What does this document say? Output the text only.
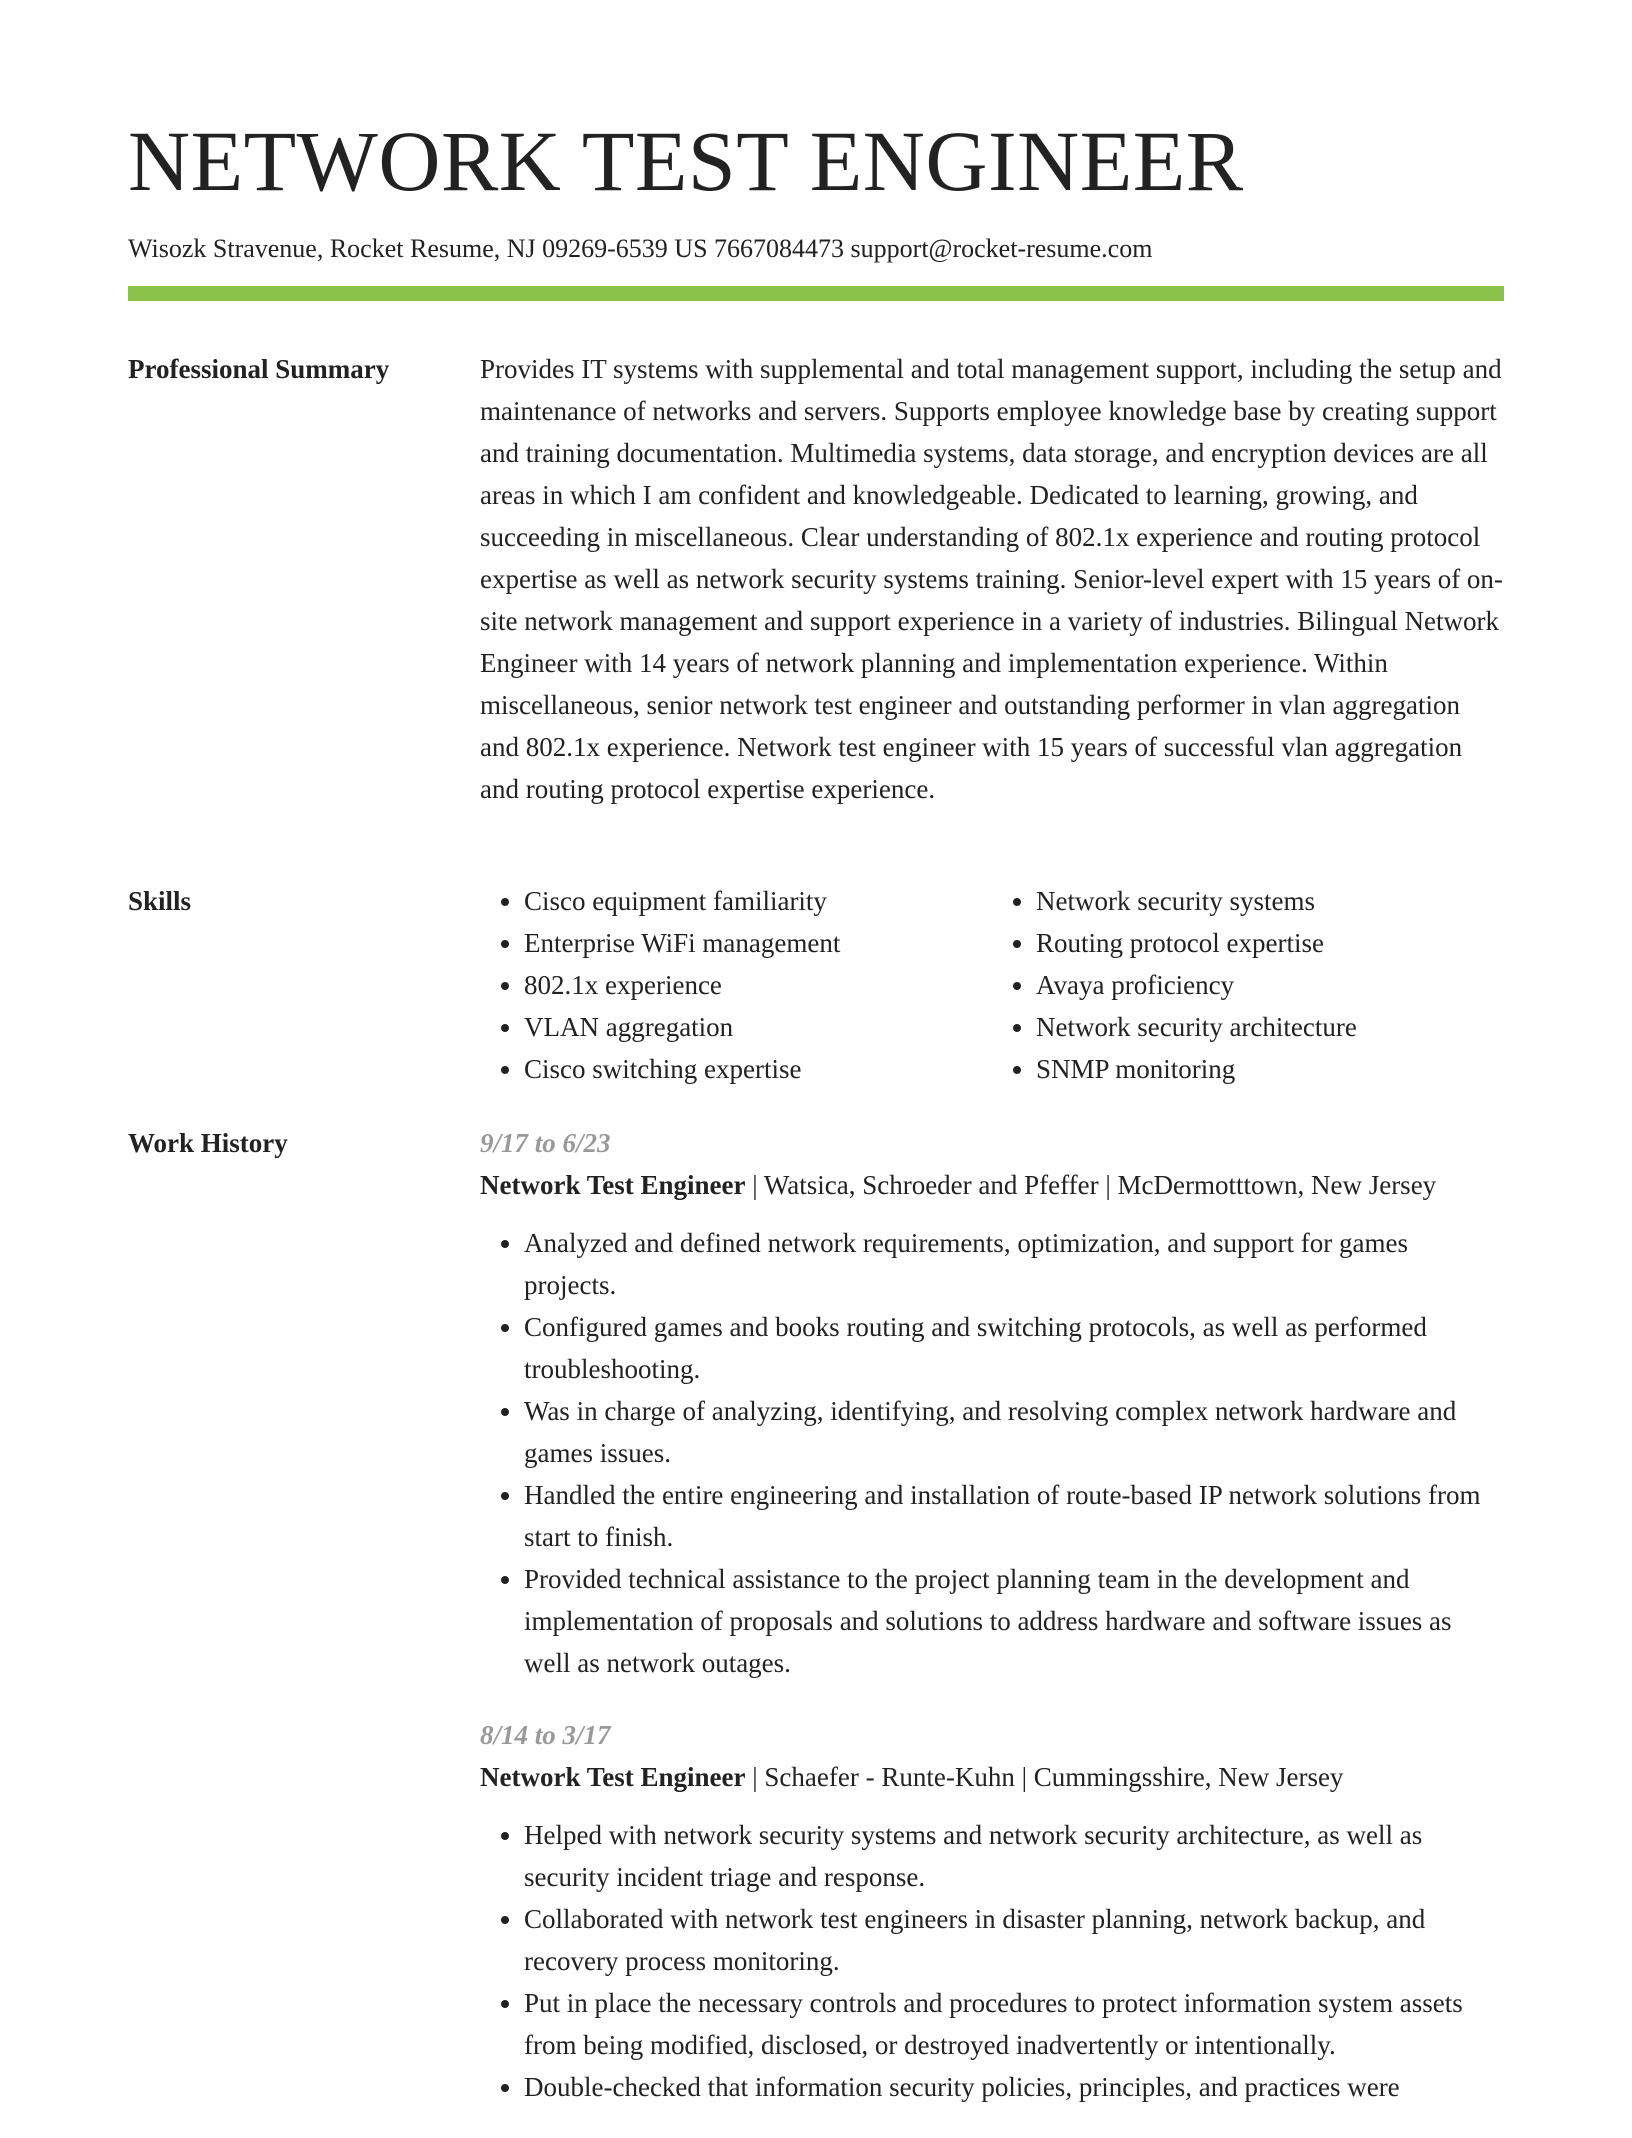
NETWORK TEST ENGINEER
Wisozk Stravenue, Rocket Resume, NJ 09269-6539 US 7667084473 support@rocket-resume.com
Professional Summary	Provides IT systems with supplemental and total management support, including the setup and maintenance of networks and servers. Supports employee knowledge base by creating support and training documentation. Multimedia systems, data storage, and encryption devices are all areas in which I am confident and knowledgeable. Dedicated to learning, growing, and succeeding in miscellaneous. Clear understanding of 802.1x experience and routing protocol expertise as well as network security systems training. Senior-level expert with 15 years of on-site network management and support experience in a variety of industries. Bilingual Network Engineer with 14 years of network planning and implementation experience. Within miscellaneous, senior network test engineer and outstanding performer in vlan aggregation and 802.1x experience. Network test engineer with 15 years of successful vlan aggregation and routing protocol expertise experience.

Skills
•	Cisco equipment familiarity
• Enterprise WiFi management
• 802.1x experience
• VLAN aggregation
• Cisco switching expertise
• Network security systems
• Routing protocol expertise
• Avaya proficiency
• Network security architecture
• SNMP monitoring
Work History	9/17 to 6/23
Network Test Engineer | Watsica, Schroeder and Pfeffer | McDermotttown, New Jersey
• Analyzed and defined network requirements, optimization, and support for games projects.
• Configured games and books routing and switching protocols, as well as performed troubleshooting.
• Was in charge of analyzing, identifying, and resolving complex network hardware and games issues.
• Handled the entire engineering and installation of route-based IP network solutions from start to finish.
• Provided technical assistance to the project planning team in the development and implementation of proposals and solutions to address hardware and software issues as well as network outages.
8/14 to 3/17
Network Test Engineer | Schaefer - Runte-Kuhn | Cummingsshire, New Jersey
• Helped with network security systems and network security architecture, as well as security incident triage and response.
• Collaborated with network test engineers in disaster planning, network backup, and recovery process monitoring.
• Put in place the necessary controls and procedures to protect information system assets from being modified, disclosed, or destroyed inadvertently or intentionally.
• Double-checked that information security policies, principles, and practices were
